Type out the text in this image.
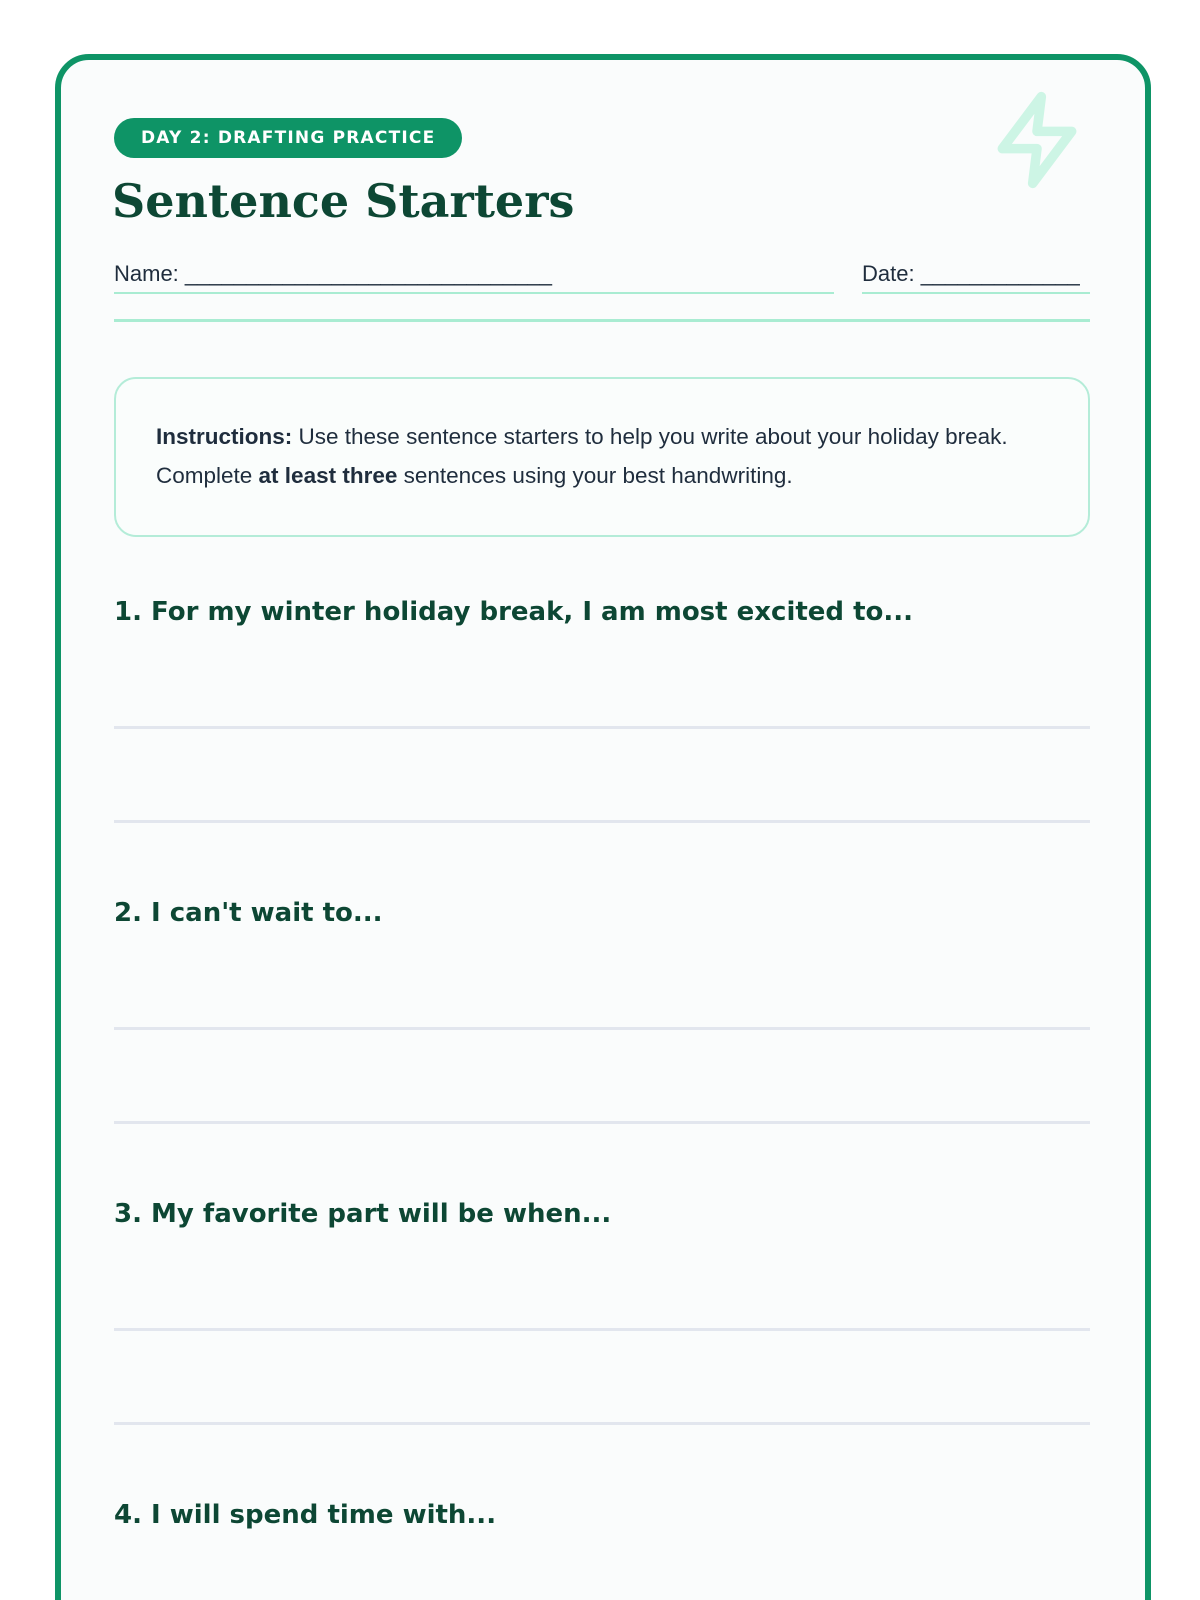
DAY 2: DRAFTING PRACTICE
Sentence Starters
Name: ______________________________	Date: _____________
Instructions: Use these sentence starters to help you write about your holiday break. Complete at least three sentences using your best handwriting.
1. For my winter holiday break, I am most excited to...
2. I can't wait to...
3. My favorite part will be when...
4. I will spend time with...
